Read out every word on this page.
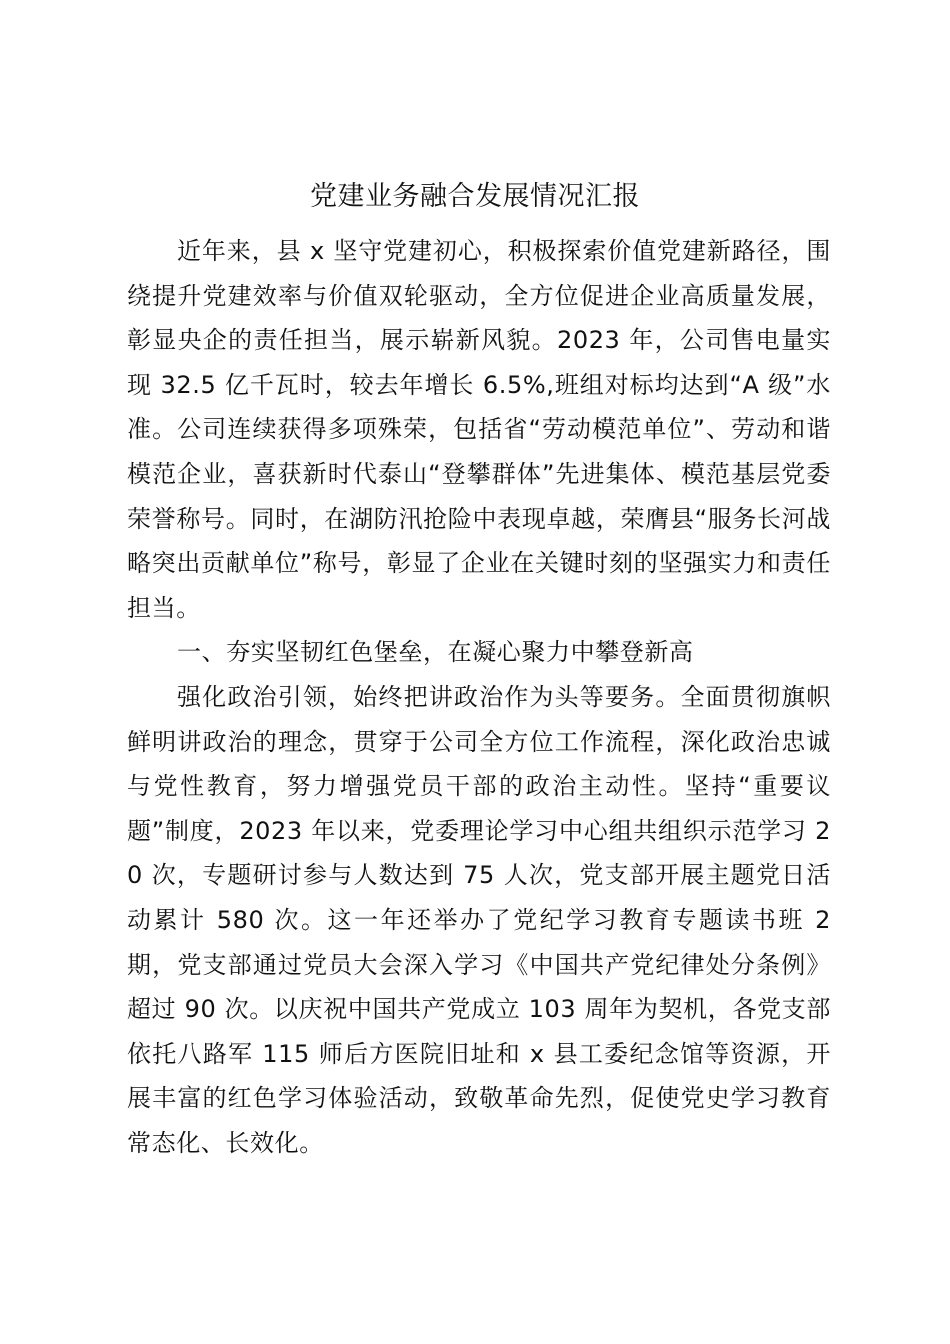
党建业务融合发展情况汇报

近年来，县 x 坚守党建初心，积极探索价值党建新路径，围绕提升党建效率与价值双轮驱动，全方位促进企业高质量发展，彰显央企的责任担当，展示崭新风貌。2023 年，公司售电量实现 32.5 亿千瓦时，较去年增长 6.5%,班组对标均达到“A 级”水准。公司连续获得多项殊荣，包括省“劳动模范单位”、劳动和谐模范企业，喜获新时代泰山“登攀群体”先进集体、模范基层党委荣誉称号。同时，在湖防汛抢险中表现卓越，荣膺县“服务长河战略突出贡献单位”称号，彰显了企业在关键时刻的坚强实力和责任担当。

一、夯实坚韧红色堡垒，在凝心聚力中攀登新高

强化政治引领，始终把讲政治作为头等要务。全面贯彻旗帜鲜明讲政治的理念，贯穿于公司全方位工作流程，深化政治忠诚与党性教育，努力增强党员干部的政治主动性。坚持“重要议题”制度，2023 年以来，党委理论学习中心组共组织示范学习 20 次，专题研讨参与人数达到 75 人次，党支部开展主题党日活动累计 580 次。这一年还举办了党纪学习教育专题读书班 2 期，党支部通过党员大会深入学习《中国共产党纪律处分条例》超过 90 次。以庆祝中国共产党成立 103 周年为契机，各党支部依托八路军 115 师后方医院旧址和 x 县工委纪念馆等资源，开展丰富的红色学习体验活动，致敬革命先烈，促使党史学习教育常态化、长效化。
